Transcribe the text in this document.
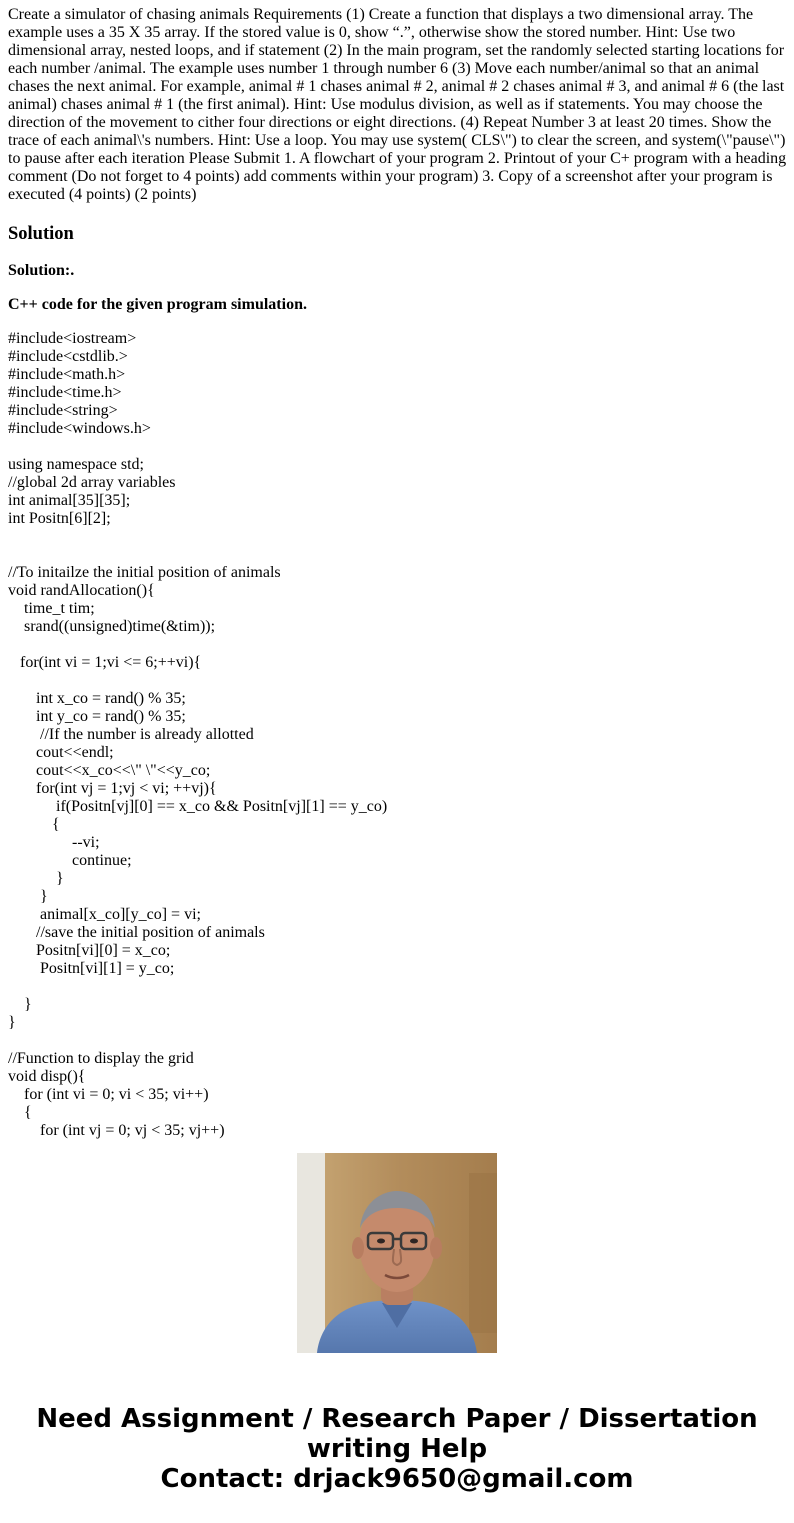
Create a simulator of chasing animals Requirements (1) Create a function that displays a two dimensional array. The example uses a 35 X 35 array. If the stored value is 0, show “.”, otherwise show the stored number. Hint: Use two dimensional array, nested loops, and if statement (2) In the main program, set the randomly selected starting locations for each number /animal. The example uses number 1 through number 6 (3) Move each number/animal so that an animal chases the next animal. For example, animal # 1 chases animal # 2, animal # 2 chases animal # 3, and animal # 6 (the last animal) chases animal # 1 (the first animal). Hint: Use modulus division, as well as if statements. You may choose the direction of the movement to cither four directions or eight directions. (4) Repeat Number 3 at least 20 times. Show the trace of each animal\'s numbers. Hint: Use a loop. You may use system( CLS\") to clear the screen, and system(\"pause\") to pause after each iteration Please Submit 1. A flowchart of your program 2. Printout of your C+ program with a heading comment (Do not forget to 4 points) add comments within your program) 3. Copy of a screenshot after your program is executed (4 points) (2 points)
Solution
Solution:.
C++ code for the given program simulation.
#include<iostream>
#include<cstdlib.>
#include<math.h>
#include<time.h>
#include<string>
#include<windows.h>

using namespace std;
//global 2d array variables
int animal[35][35];
int Positn[6][2];

//To initailze the initial position of animals
void randAllocation(){
time_t tim;
srand((unsigned)time(&tim));

for(int vi = 1;vi <= 6;++vi){

int x_co = rand() % 35;
int y_co = rand() % 35;
//If the number is already allotted
cout<<endl;
cout<<x_co<<\" \"<<y_co;
for(int vj = 1;vj < vi; ++vj){
if(Positn[vj][0] == x_co && Positn[vj][1] == y_co)
{
--vi;
continue;
}
}
animal[x_co][y_co] = vi;
//save the initial position of animals
Positn[vi][0] = x_co;
Positn[vi][1] = y_co;

}
}

//Function to display the grid
void disp(){
for (int vi = 0; vi < 35; vi++)
{
for (int vj = 0; vj < 35; vj++)
Need Assignment / Research Paper / Dissertation
writing Help
Contact: drjack9650@gmail.com
